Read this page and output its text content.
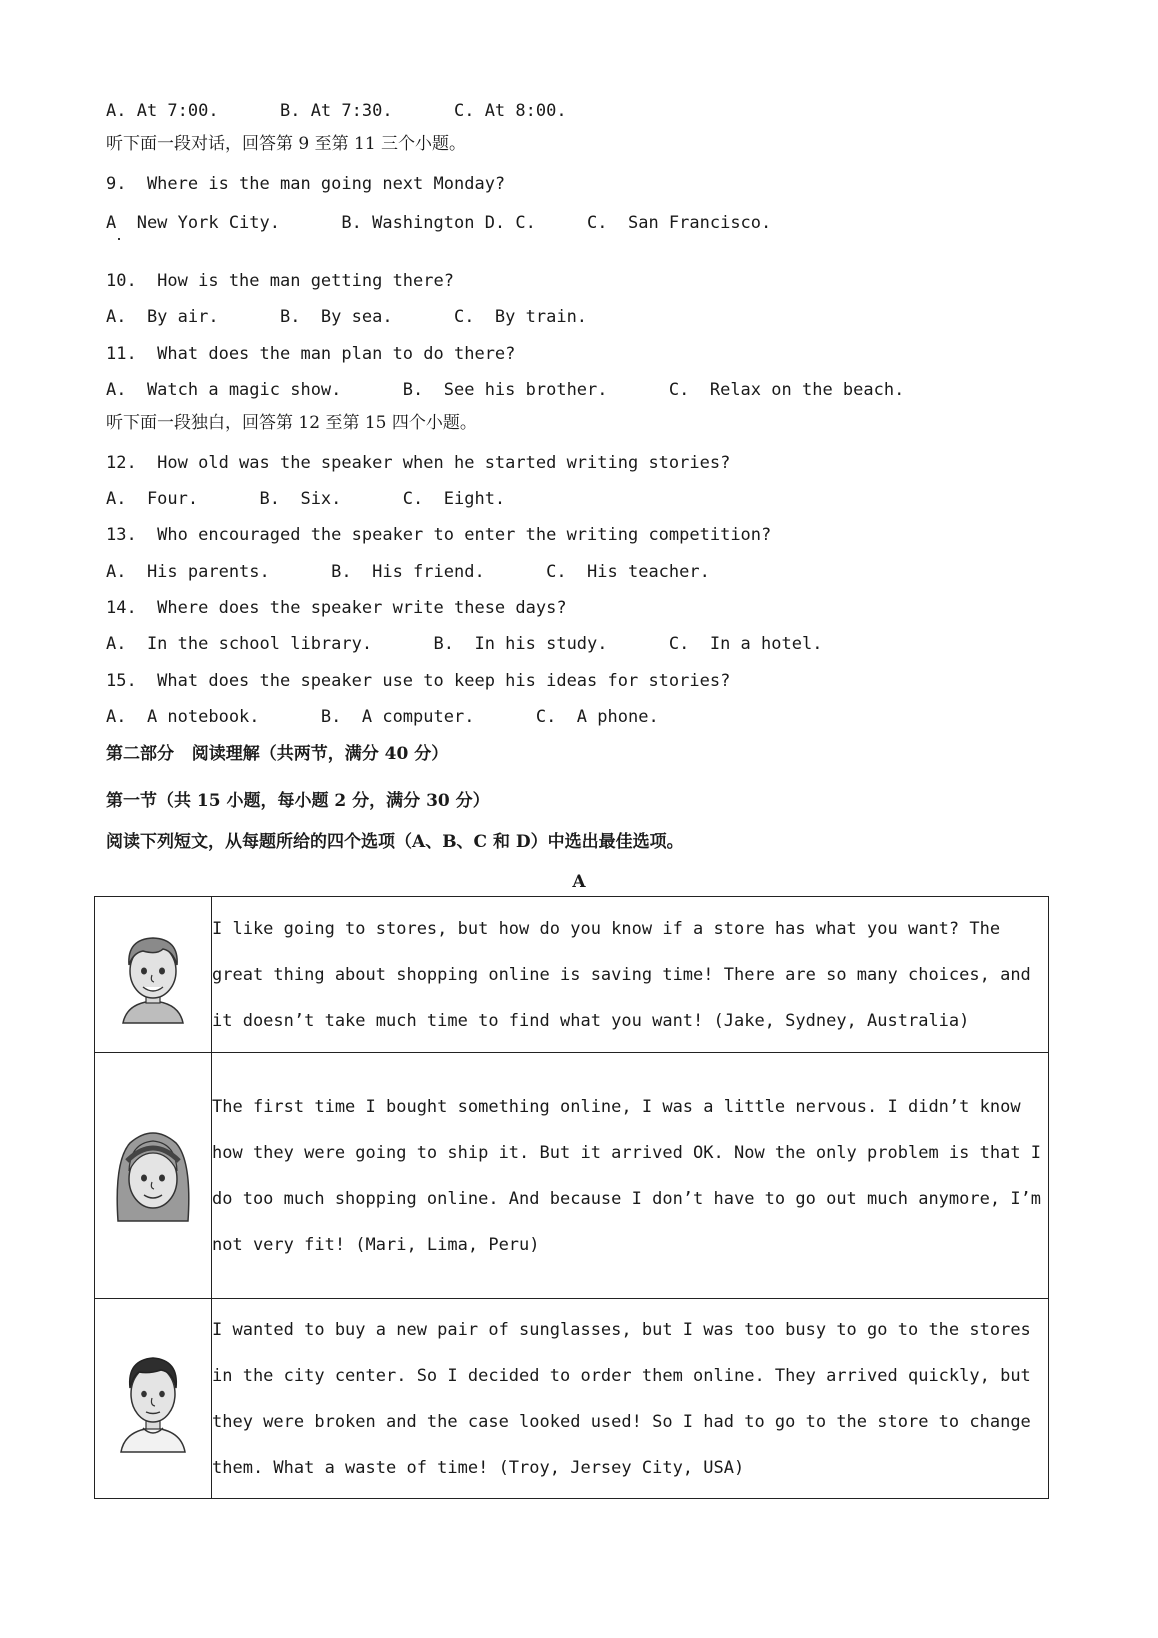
A. At 7:00.      B. At 7:30.      C. At 8:00.
听下面一段对话，回答第 9 至第 11 三个小题。
9.  Where is the man going next Monday?
A  New York City.      B. Washington D. C.     C.  San Francisco.
10.  How is the man getting there?
A.  By air.      B.  By sea.      C.  By train.
11.  What does the man plan to do there?
A.  Watch a magic show.      B.  See his brother.      C.  Relax on the beach.
听下面一段独白，回答第 12 至第 15 四个小题。
12.  How old was the speaker when he started writing stories?
A.  Four.      B.  Six.      C.  Eight.
13.  Who encouraged the speaker to enter the writing competition?
A.  His parents.      B.  His friend.      C.  His teacher.
14.  Where does the speaker write these days?
A.  In the school library.      B.  In his study.      C.  In a hotel.
15.  What does the speaker use to keep his ideas for stories?
A.  A notebook.      B.  A computer.      C.  A phone.
第二部分   阅读理解（共两节，满分 40 分）
第一节（共 15 小题，每小题 2 分，满分 30 分）
阅读下列短文，从每题所给的四个选项（A、B、C 和 D）中选出最佳选项。
A
	I like going to stores, but how do you know if a store has what you want? The great thing about shopping online is saving time! There are so many choices, and it doesn’t take much time to find what you want! (Jake, Sydney, Australia)

	The first time I bought something online, I was a little nervous. I didn’t know how they were going to ship it. But it arrived OK. Now the only problem is that I do too much shopping online. And because I don’t have to go out much anymore, I’m not very fit! (Mari, Lima, Peru)

	I wanted to buy a new pair of sunglasses, but I was too busy to go to the stores in the city center. So I decided to order them online. They arrived quickly, but they were broken and the case looked used! So I had to go to the store to change them. What a waste of time! (Troy, Jersey City, USA)
